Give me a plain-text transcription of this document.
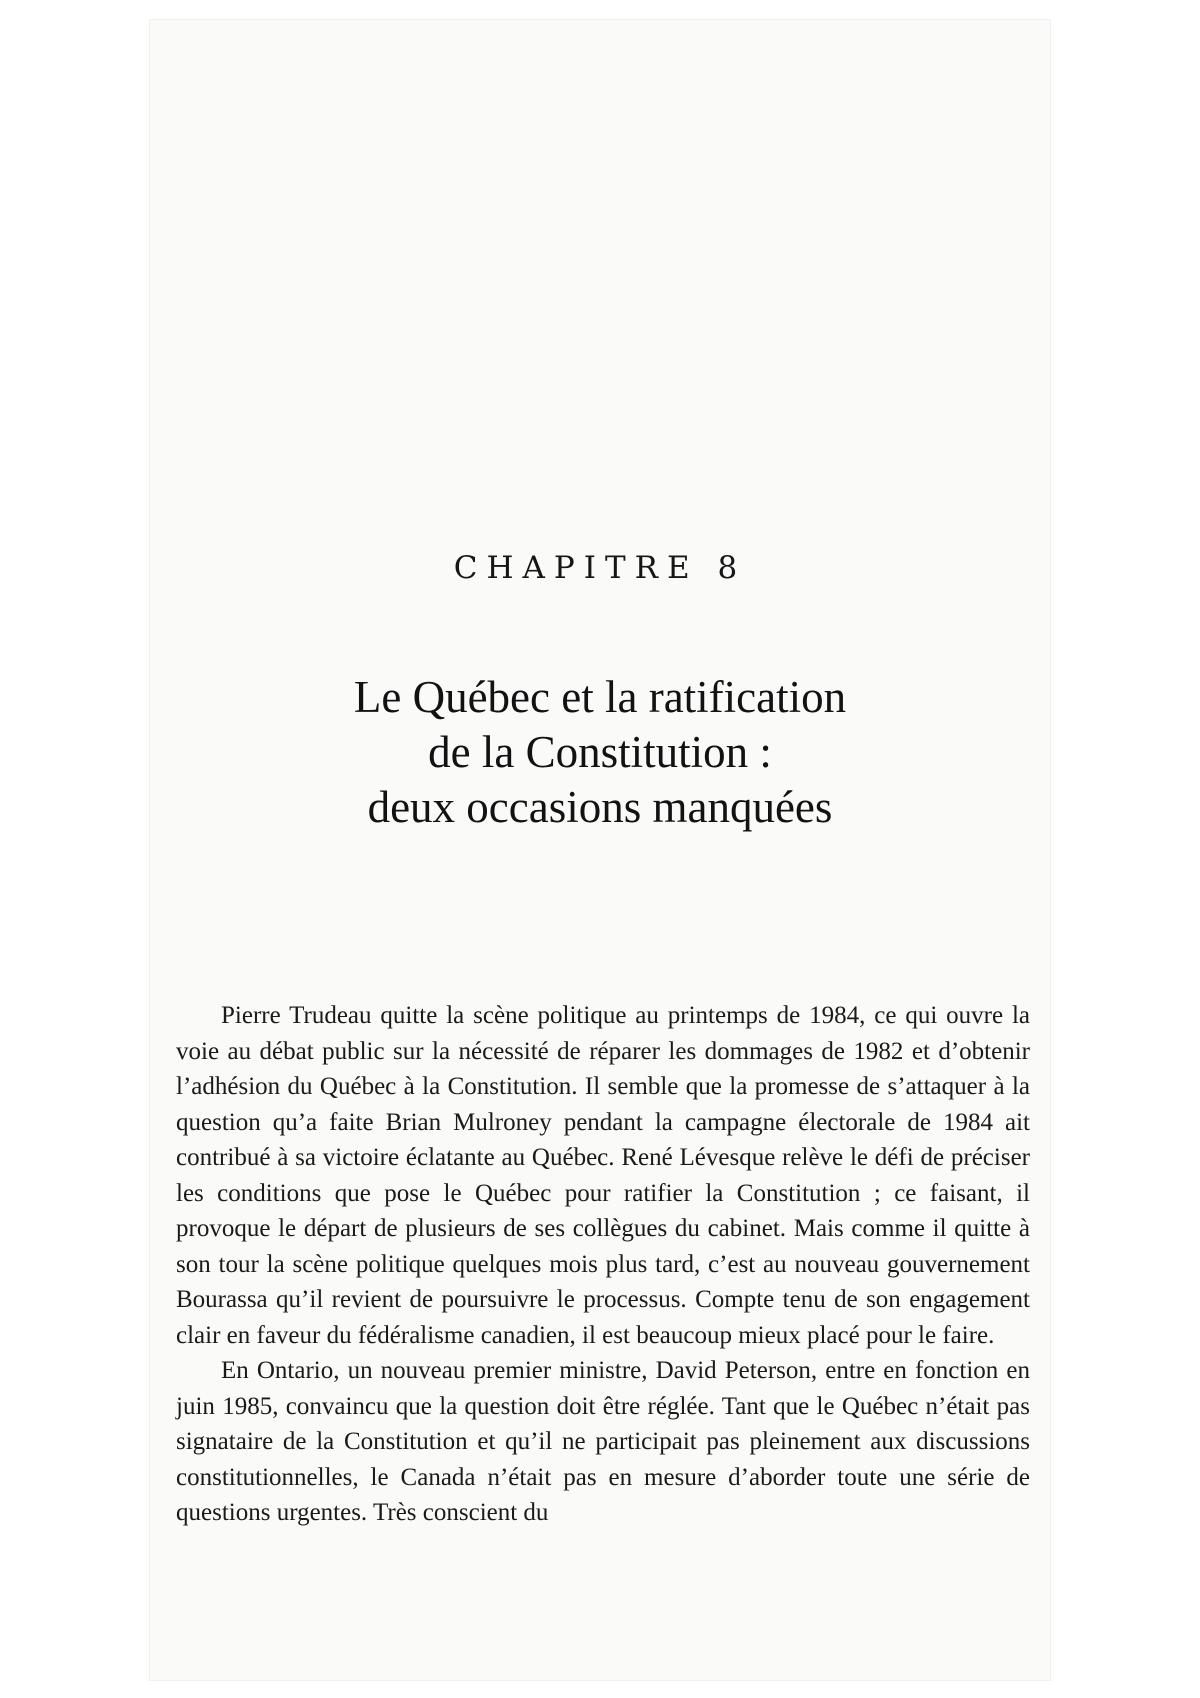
CHAPITRE 8
Le Québec et la ratification
de la Constitution :
deux occasions manquées

Pierre Trudeau quitte la scène politique au printemps de 1984, ce qui ouvre la voie au débat public sur la nécessité de réparer les dommages de 1982 et d’obtenir l’adhésion du Québec à la Constitution. Il semble que la promesse de s’attaquer à la question qu’a faite Brian Mulroney pendant la campagne électorale de 1984 ait contribué à sa victoire éclatante au Québec. René Lévesque relève le défi de préciser les conditions que pose le Québec pour ratifier la Constitution ; ce faisant, il provoque le départ de plusieurs de ses collègues du cabinet. Mais comme il quitte à son tour la scène politique quelques mois plus tard, c’est au nouveau gouvernement Bourassa qu’il revient de poursuivre le processus. Compte tenu de son engagement clair en faveur du fédéralisme canadien, il est beaucoup mieux placé pour le faire.

En Ontario, un nouveau premier ministre, David Peterson, entre en fonction en juin 1985, convaincu que la question doit être réglée. Tant que le Québec n’était pas signataire de la Constitution et qu’il ne participait pas pleinement aux discussions constitutionnelles, le Canada n’était pas en mesure d’aborder toute une série de questions urgentes. Très conscient du
